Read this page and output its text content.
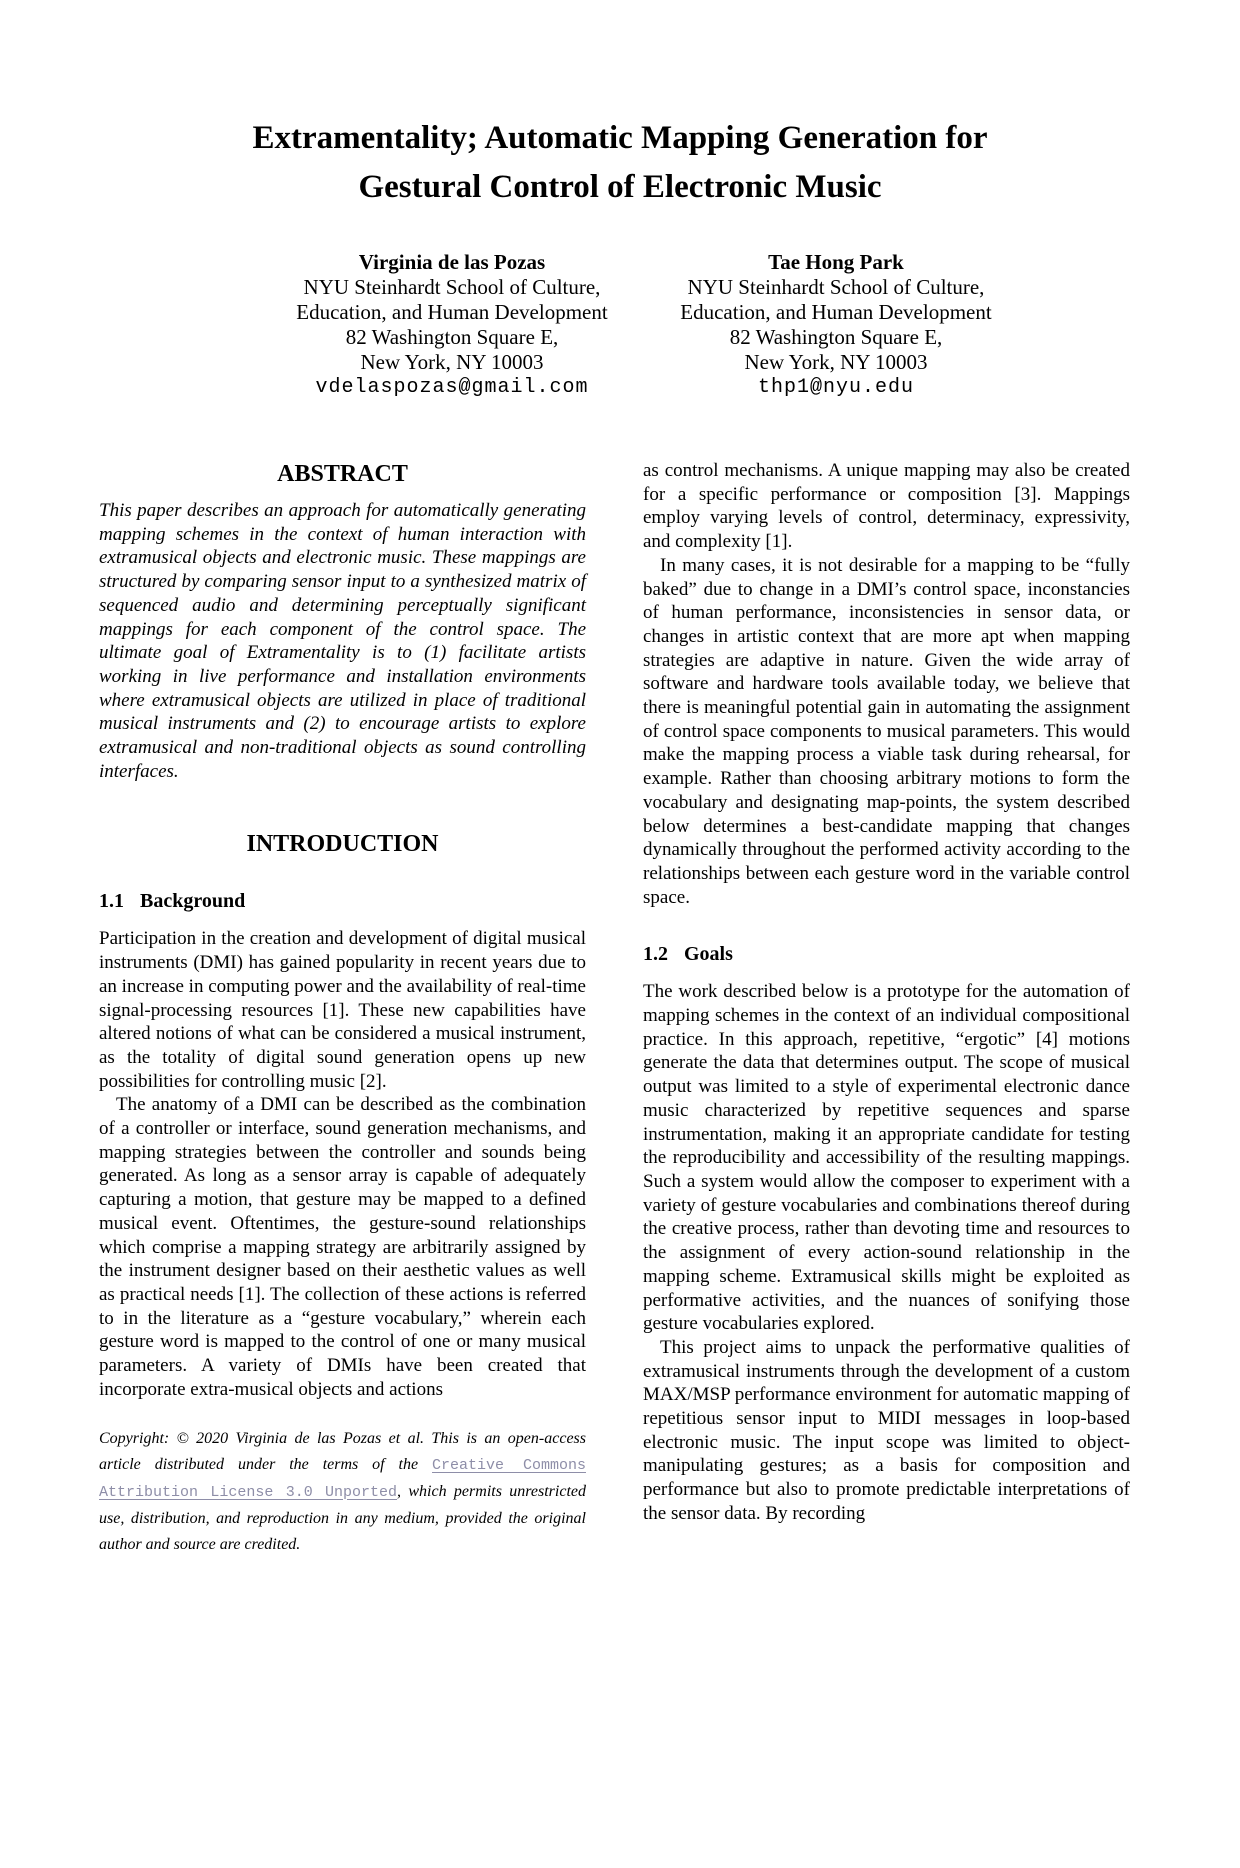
Extramentality; Automatic Mapping Generation for
Gestural Control of Electronic Music
Virginia de las Pozas
NYU Steinhardt School of Culture,
Education, and Human Development
82 Washington Square E,
New York, NY 10003
vdelaspozas@gmail.com
Tae Hong Park
NYU Steinhardt School of Culture,
Education, and Human Development
82 Washington Square E,
New York, NY 10003
thp1@nyu.edu
ABSTRACT

This paper describes an approach for automatically generating mapping schemes in the context of human interaction with extramusical objects and electronic music. These mappings are structured by comparing sensor input to a synthesized matrix of sequenced audio and determining perceptually significant mappings for each component of the control space. The ultimate goal of Extramentality is to (1) facilitate artists working in live performance and installation environments where extramusical objects are utilized in place of traditional musical instruments and (2) to encourage artists to explore extramusical and non-traditional objects as sound controlling interfaces.

INTRODUCTION
1.1 Background

Participation in the creation and development of digital musical instruments (DMI) has gained popularity in recent years due to an increase in computing power and the availability of real-time signal-processing resources [1]. These new capabilities have altered notions of what can be considered a musical instrument, as the totality of digital sound generation opens up new possibilities for controlling music [2].

The anatomy of a DMI can be described as the combination of a controller or interface, sound generation mechanisms, and mapping strategies between the controller and sounds being generated. As long as a sensor array is capable of adequately capturing a motion, that gesture may be mapped to a defined musical event. Oftentimes, the gesture-sound relationships which comprise a mapping strategy are arbitrarily assigned by the instrument designer based on their aesthetic values as well as practical needs [1]. The collection of these actions is referred to in the literature as a “gesture vocabulary,” wherein each gesture word is mapped to the control of one or many musical parameters. A variety of DMIs have been created that incorporate extra-musical objects and actions

Copyright: © 2020 Virginia de las Pozas et al. This is an open-access article distributed under the terms of the Creative Commons Attribution License 3.0 Unported, which permits unrestricted use, distribution, and reproduction in any medium, provided the original author and source are credited.

as control mechanisms. A unique mapping may also be created for a specific performance or composition [3]. Mappings employ varying levels of control, determinacy, expressivity, and complexity [1].

In many cases, it is not desirable for a mapping to be “fully baked” due to change in a DMI’s control space, inconstancies of human performance, inconsistencies in sensor data, or changes in artistic context that are more apt when mapping strategies are adaptive in nature. Given the wide array of software and hardware tools available today, we believe that there is meaningful potential gain in automating the assignment of control space components to musical parameters. This would make the mapping process a viable task during rehearsal, for example. Rather than choosing arbitrary motions to form the vocabulary and designating map-points, the system described below determines a best-candidate mapping that changes dynamically throughout the performed activity according to the relationships between each gesture word in the variable control space.

1.2 Goals

The work described below is a prototype for the automation of mapping schemes in the context of an individual compositional practice. In this approach, repetitive, “ergotic” [4] motions generate the data that determines output. The scope of musical output was limited to a style of experimental electronic dance music characterized by repetitive sequences and sparse instrumentation, making it an appropriate candidate for testing the reproducibility and accessibility of the resulting mappings. Such a system would allow the composer to experiment with a variety of gesture vocabularies and combinations thereof during the creative process, rather than devoting time and resources to the assignment of every action-sound relationship in the mapping scheme. Extramusical skills might be exploited as performative activities, and the nuances of sonifying those gesture vocabularies explored.

This project aims to unpack the performative qualities of extramusical instruments through the development of a custom MAX/MSP performance environment for automatic mapping of repetitious sensor input to MIDI messages in loop-based electronic music. The input scope was limited to object-manipulating gestures; as a basis for composition and performance but also to promote predictable interpretations of the sensor data. By recording
